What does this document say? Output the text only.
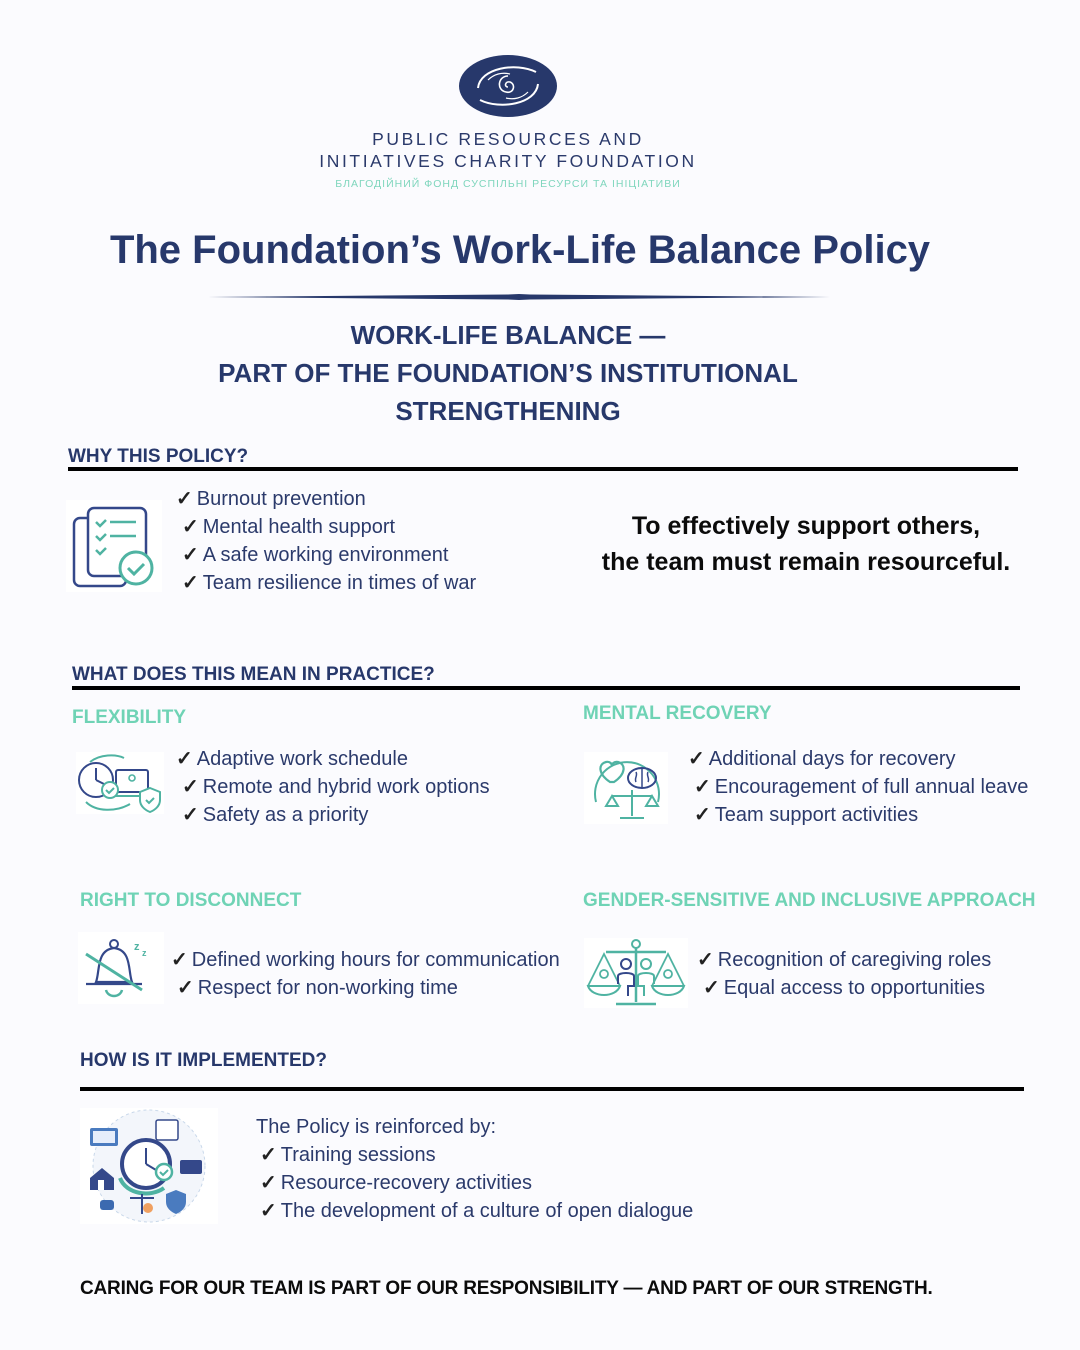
PUBLIC RESOURCES AND
INITIATIVES CHARITY FOUNDATION
БЛАГОДІЙНИЙ ФОНД СУСПІЛЬНІ РЕСУРСИ ТА ІНІЦІАТИВИ
The Foundation’s Work-Life Balance Policy
WORK-LIFE BALANCE —
PART OF THE FOUNDATION’S INSTITUTIONAL
STRENGTHENING
WHY THIS POLICY?
✓ Burnout prevention
✓ Mental health support
✓ A safe working environment
✓ Team resilience in times of war
To effectively support others,
the team must remain resourceful.
WHAT DOES THIS MEAN IN PRACTICE?
FLEXIBILITY
✓ Adaptive work schedule
✓ Remote and hybrid work options
✓ Safety as a priority
MENTAL RECOVERY
✓ Additional days for recovery
✓ Encouragement of full annual leave
✓ Team support activities
RIGHT TO DISCONNECT
z z ✓ Defined working hours for communication
✓ Respect for non-working time
GENDER-SENSITIVE AND INCLUSIVE APPROACH
✓ Recognition of caregiving roles
✓ Equal access to opportunities
HOW IS IT IMPLEMENTED?
The Policy is reinforced by:
✓ Training sessions
✓ Resource-recovery activities
✓ The development of a culture of open dialogue
CARING FOR OUR TEAM IS PART OF OUR RESPONSIBILITY — AND PART OF OUR STRENGTH.
